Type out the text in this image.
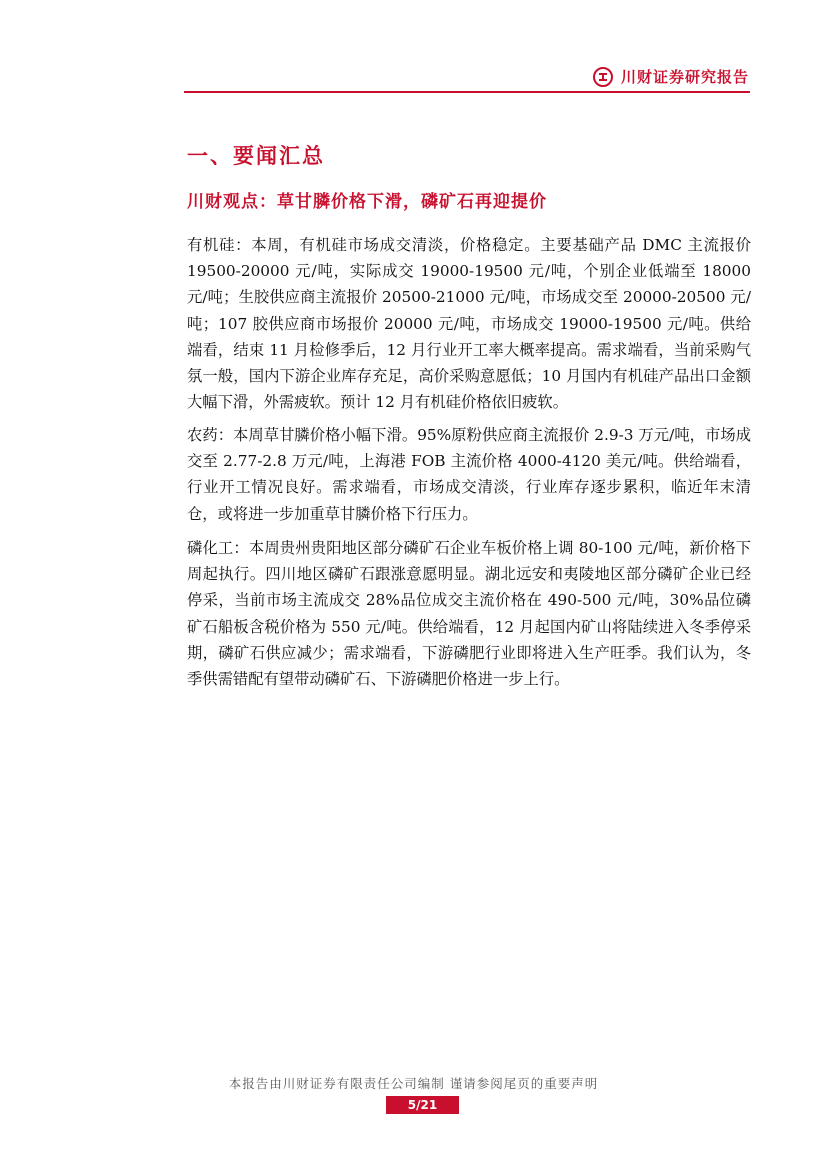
川财证券研究报告
一、要闻汇总
川财观点：草甘膦价格下滑，磷矿石再迎提价

有机硅：本周，有机硅市场成交清淡，价格稳定。主要基础产品 DMC 主流报价 19500-20000 元/吨，实际成交 19000-19500 元/吨，个别企业低端至 18000 元/吨；生胶供应商主流报价 20500-21000 元/吨，市场成交至 20000-20500 元/吨；107 胶供应商市场报价 20000 元/吨，市场成交 19000-19500 元/吨。供给端看，结束 11 月检修季后，12 月行业开工率大概率提高。需求端看，当前采购气氛一般，国内下游企业库存充足，高价采购意愿低；10 月国内有机硅产品出口金额大幅下滑，外需疲软。预计 12 月有机硅价格依旧疲软。

农药：本周草甘膦价格小幅下滑。95%原粉供应商主流报价 2.9-3 万元/吨，市场成交至 2.77-2.8 万元/吨，上海港 FOB 主流价格 4000-4120 美元/吨。供给端看，行业开工情况良好。需求端看，市场成交清淡，行业库存逐步累积，临近年末清仓，或将进一步加重草甘膦价格下行压力。

磷化工：本周贵州贵阳地区部分磷矿石企业车板价格上调 80-100 元/吨，新价格下周起执行。四川地区磷矿石跟涨意愿明显。湖北远安和夷陵地区部分磷矿企业已经停采，当前市场主流成交 28%品位成交主流价格在 490-500 元/吨，30%品位磷矿石船板含税价格为 550 元/吨。供给端看，12 月起国内矿山将陆续进入冬季停采期，磷矿石供应减少；需求端看，下游磷肥行业即将进入生产旺季。我们认为，冬季供需错配有望带动磷矿石、下游磷肥价格进一步上行。

本报告由川财证券有限责任公司编制 谨请参阅尾页的重要声明
5/21
